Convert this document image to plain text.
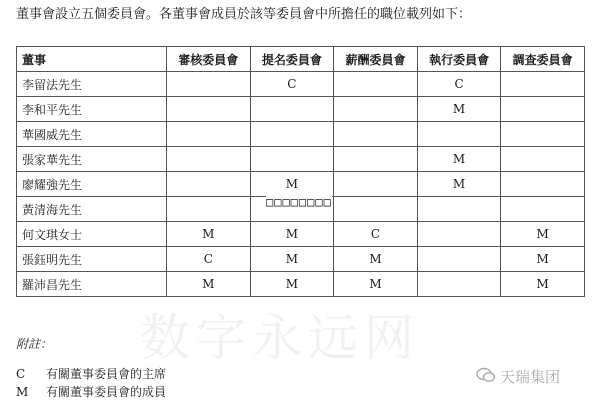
董事會設立五個委員會。各董事會成員於該等委員會中所擔任的職位載列如下：
董事	審核委員會	提名委員會	薪酬委員會	執行委員會	調查委員會
李留法先生		C		C	
李和平先生				M	
華國威先生					
張家華先生				M	
廖耀強先生		M		M	
黃清海先生					
何文琪女士	M	M	C		M
張鈺明先生	C	M	M		M
羅沛昌先生	M	M	M		M
□□□□□□□□
数字永远网
附註：
C	有關董事委員會的主席
M	有關董事委員會的成員
天瑞集团
